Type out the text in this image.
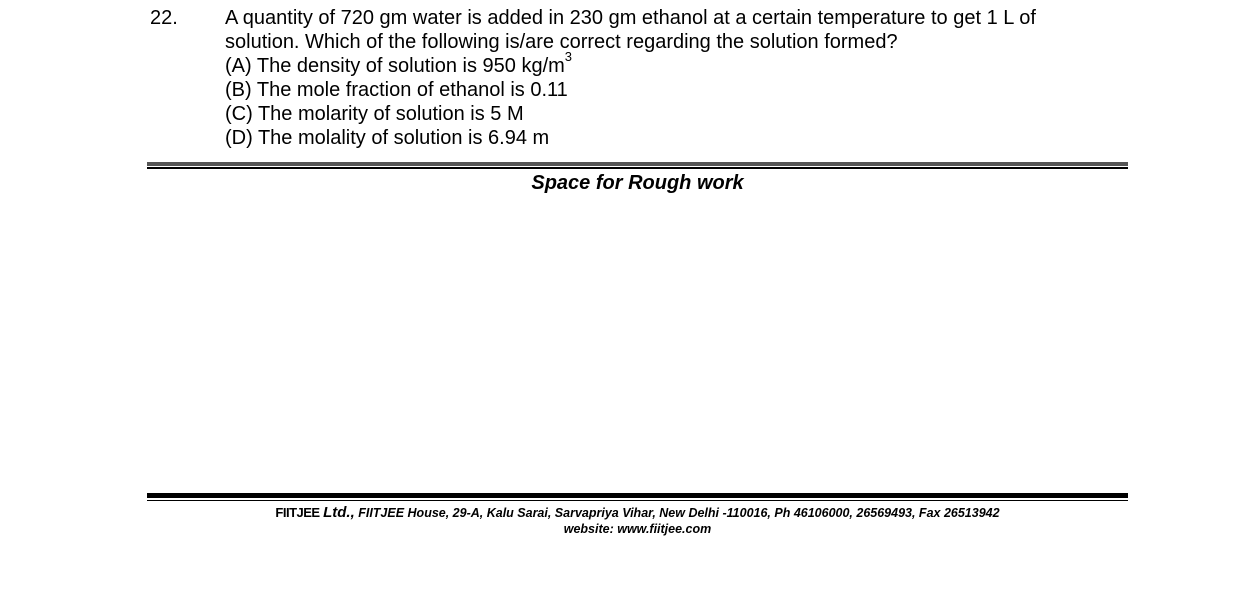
22. A quantity of 720 gm water is added in 230 gm ethanol at a certain temperature to get 1 L of solution. Which of the following is/are correct regarding the solution formed?

(A) The density of solution is 950 $kg/m^3$
(B) The mole fraction of ethanol is 0.11
(C) The molarity of solution is 5 M
(D) The molality of solution is 6.94 m
Space for Rough work
FIITJEE Ltd., FIITJEE House, 29-A, Kalu Sarai, Sarvapriya Vihar, New Delhi -110016, Ph 46106000, 26569493, Fax 26513942
website: www.fiitjee.com
